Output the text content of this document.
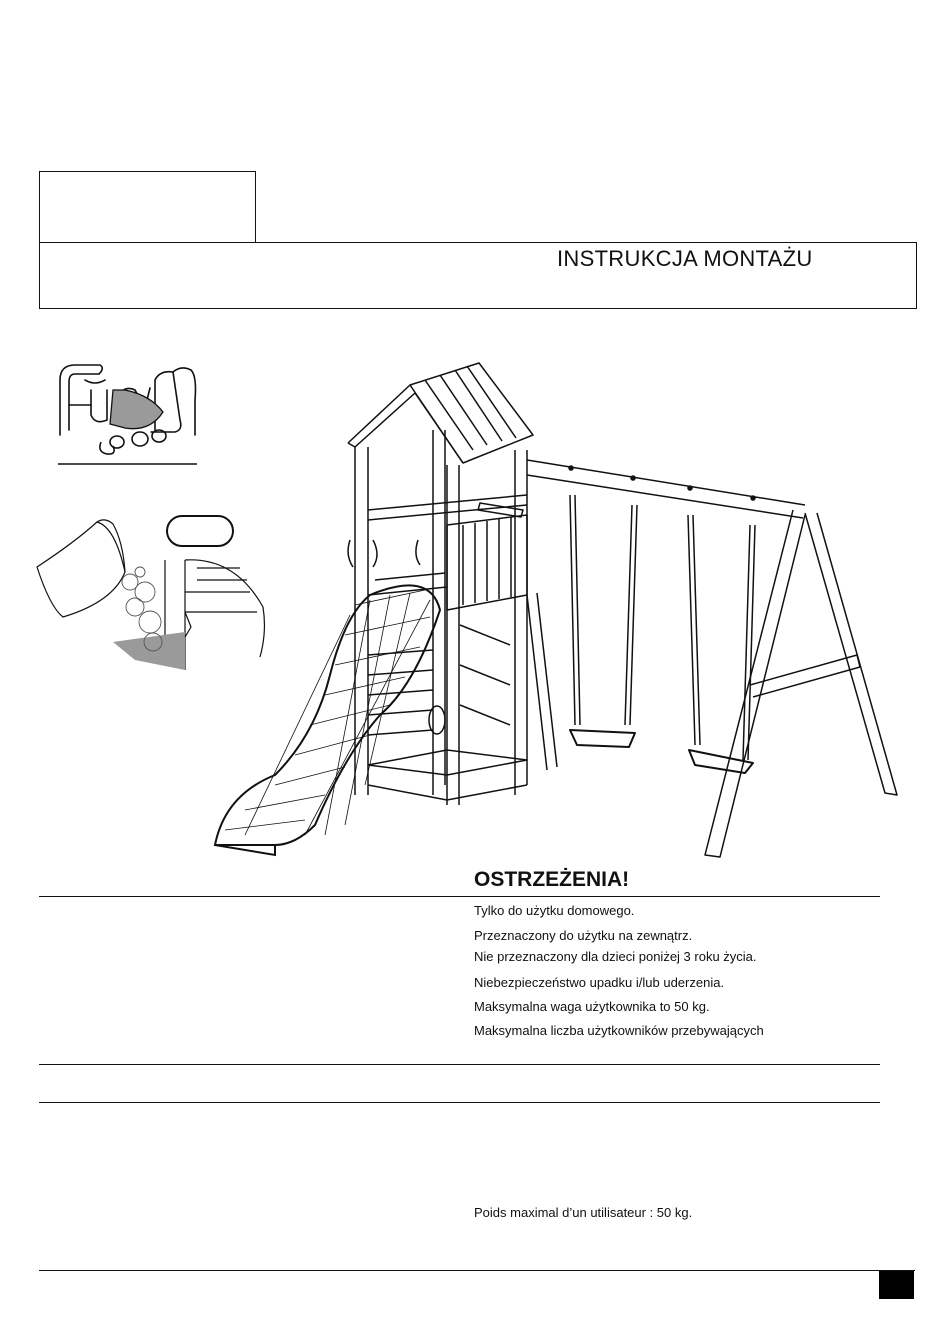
INSTRUKCJA MONTAŻU
OSTRZEŻENIA!
Tylko do użytku domowego.
Przeznaczony do użytku na zewnątrz.
Nie przeznaczony dla dzieci poniżej 3 roku życia.
Niebezpieczeństwo upadku i/lub uderzenia.
Maksymalna waga użytkownika to 50 kg.
Maksymalna liczba użytkowników przebywających
Poids maximal d’un utilisateur : 50 kg.
